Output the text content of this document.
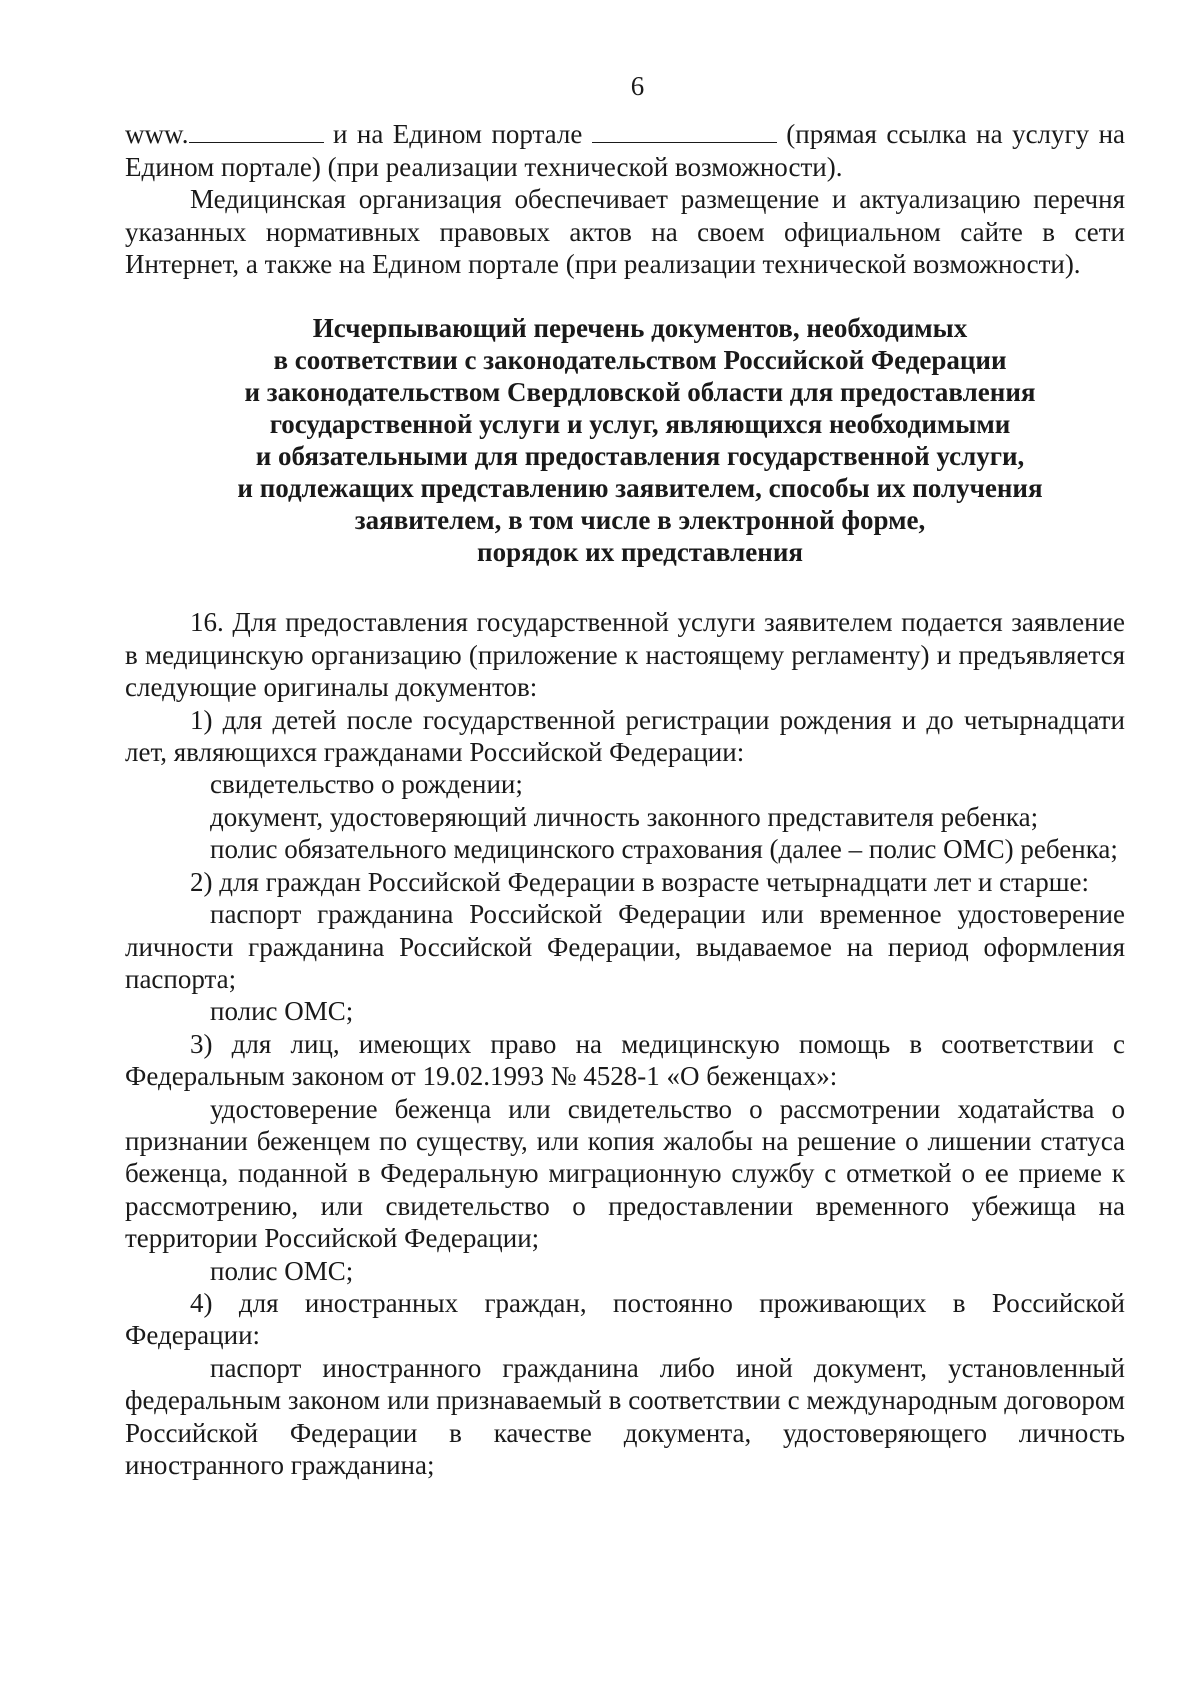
6

www.	и на Едином портале	(прямая ссылка на услугу на Едином портале) (при реализации технической возможности).

Медицинская организация обеспечивает размещение и актуализацию перечня указанных нормативных правовых актов на своем официальном сайте в сети Интернет, а также на Едином портале (при реализации технической возможности).

Исчерпывающий перечень документов, необходимых
в соответствии с законодательством Российской Федерации
и законодательством Свердловской области для предоставления
государственной услуги и услуг, являющихся необходимыми
и обязательными для предоставления государственной услуги,
и подлежащих представлению заявителем, способы их получения
заявителем, в том числе в электронной форме,
порядок их представления

16. Для предоставления государственной услуги заявителем подается заявление в медицинскую организацию (приложение к настоящему регламенту) и предъявляется следующие оригиналы документов:

1) для детей после государственной регистрации рождения и до четырнадцати лет, являющихся гражданами Российской Федерации:

свидетельство о рождении;

документ, удостоверяющий личность законного представителя ребенка;

полис обязательного медицинского страхования (далее – полис ОМС) ребенка;

2) для граждан Российской Федерации в возрасте четырнадцати лет и старше:

паспорт гражданина Российской Федерации или временное удостоверение личности гражданина Российской Федерации, выдаваемое на период оформления паспорта;

полис ОМС;

3) для лиц, имеющих право на медицинскую помощь в соответствии с Федеральным законом от 19.02.1993 № 4528-1 «О беженцах»:

удостоверение беженца или свидетельство о рассмотрении ходатайства о признании беженцем по существу, или копия жалобы на решение о лишении статуса беженца, поданной в Федеральную миграционную службу с отметкой о ее приеме к рассмотрению, или свидетельство о предоставлении временного убежища на территории Российской Федерации;

полис ОМС;

4) для иностранных граждан, постоянно проживающих в Российской Федерации:

паспорт иностранного гражданина либо иной документ, установленный федеральным законом или признаваемый в соответствии с международным договором Российской Федерации в качестве документа, удостоверяющего личность иностранного гражданина;
